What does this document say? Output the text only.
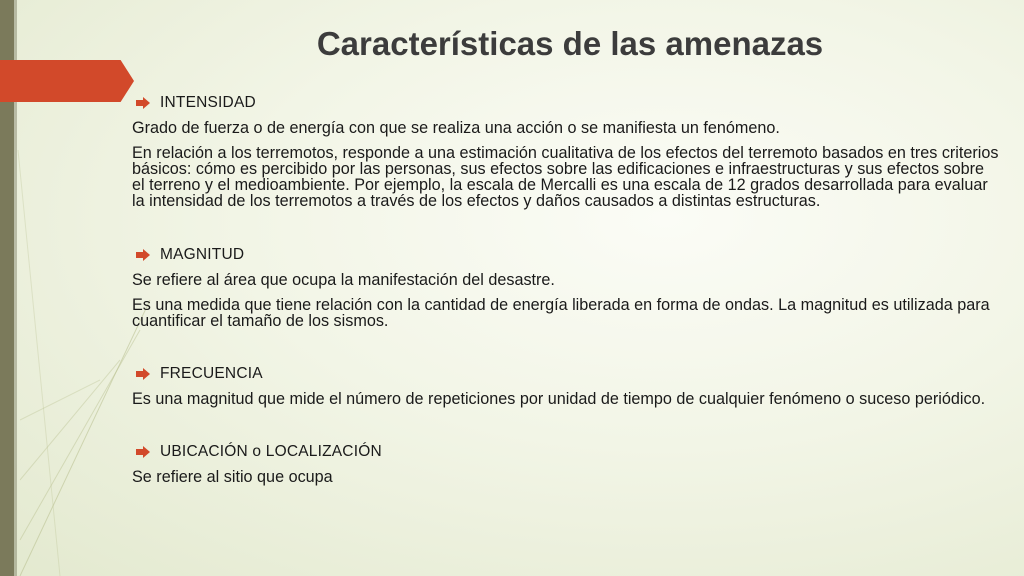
Características de las amenazas
INTENSIDAD

Grado de fuerza o de energía con que se realiza una acción o se manifiesta un fenómeno.

En relación a los terremotos, responde a una estimación cualitativa de los efectos del terremoto basados en tres criterios básicos: cómo es percibido por las personas, sus efectos sobre las edificaciones e infraestructuras y sus efectos sobre el terreno y el medioambiente. Por ejemplo, la escala de Mercalli es una escala de 12 grados desarrollada para evaluar la intensidad de los terremotos a través de los efectos y daños causados a distintas estructuras.

MAGNITUD

Se refiere al área que ocupa la manifestación del desastre.

Es una medida que tiene relación con la cantidad de energía liberada en forma de ondas. La magnitud es utilizada para cuantificar el tamaño de los sismos.

FRECUENCIA

Es una magnitud que mide el número de repeticiones por unidad de tiempo de cualquier fenómeno o suceso periódico.

UBICACIÓN o LOCALIZACIÓN

Se refiere al sitio que ocupa
